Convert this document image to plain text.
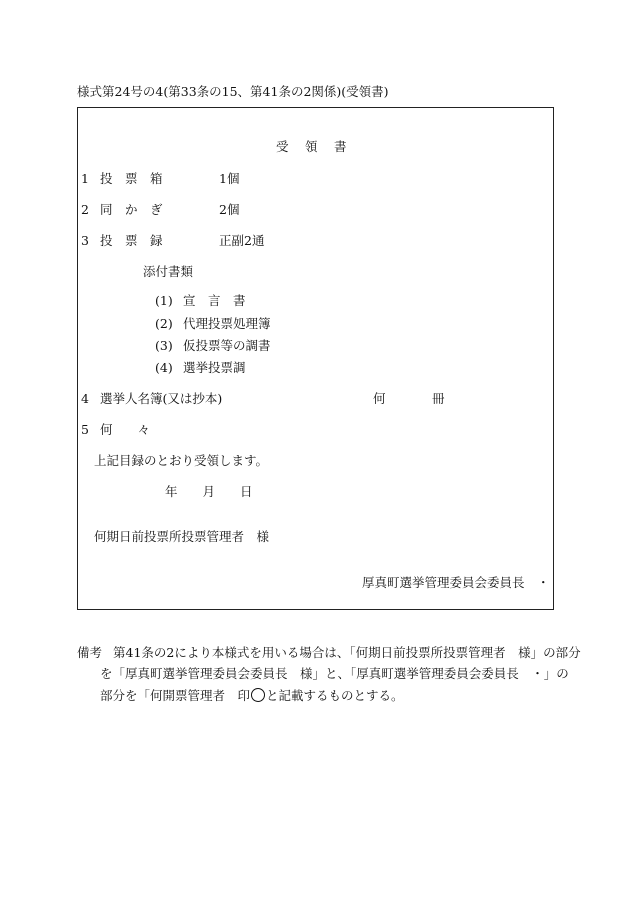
様式第24号の4(第33条の15、第41条の2関係)(受領書)
受　領　書
1 投　票　箱	1個
2 同　か　ぎ	2個
3 投　票　録	正副2通
添付書類
(1) 宣　言　書
(2) 代理投票処理簿
(3) 仮投票等の調書
(4) 選挙投票調
4 選挙人名簿(又は抄本)	何	冊
5 何　　々
上記目録のとおり受領します。
年　　月　　日
何期日前投票所投票管理者　様
厚真町選挙管理委員会委員長　・
備考 第41条の2により本様式を用いる場合は、「何期日前投票所投票管理者　様」の部分
を「厚真町選挙管理委員会委員長　様」と、「厚真町選挙管理委員会委員長　・」の
部分を「何開票管理者　印 と記載するものとする。
